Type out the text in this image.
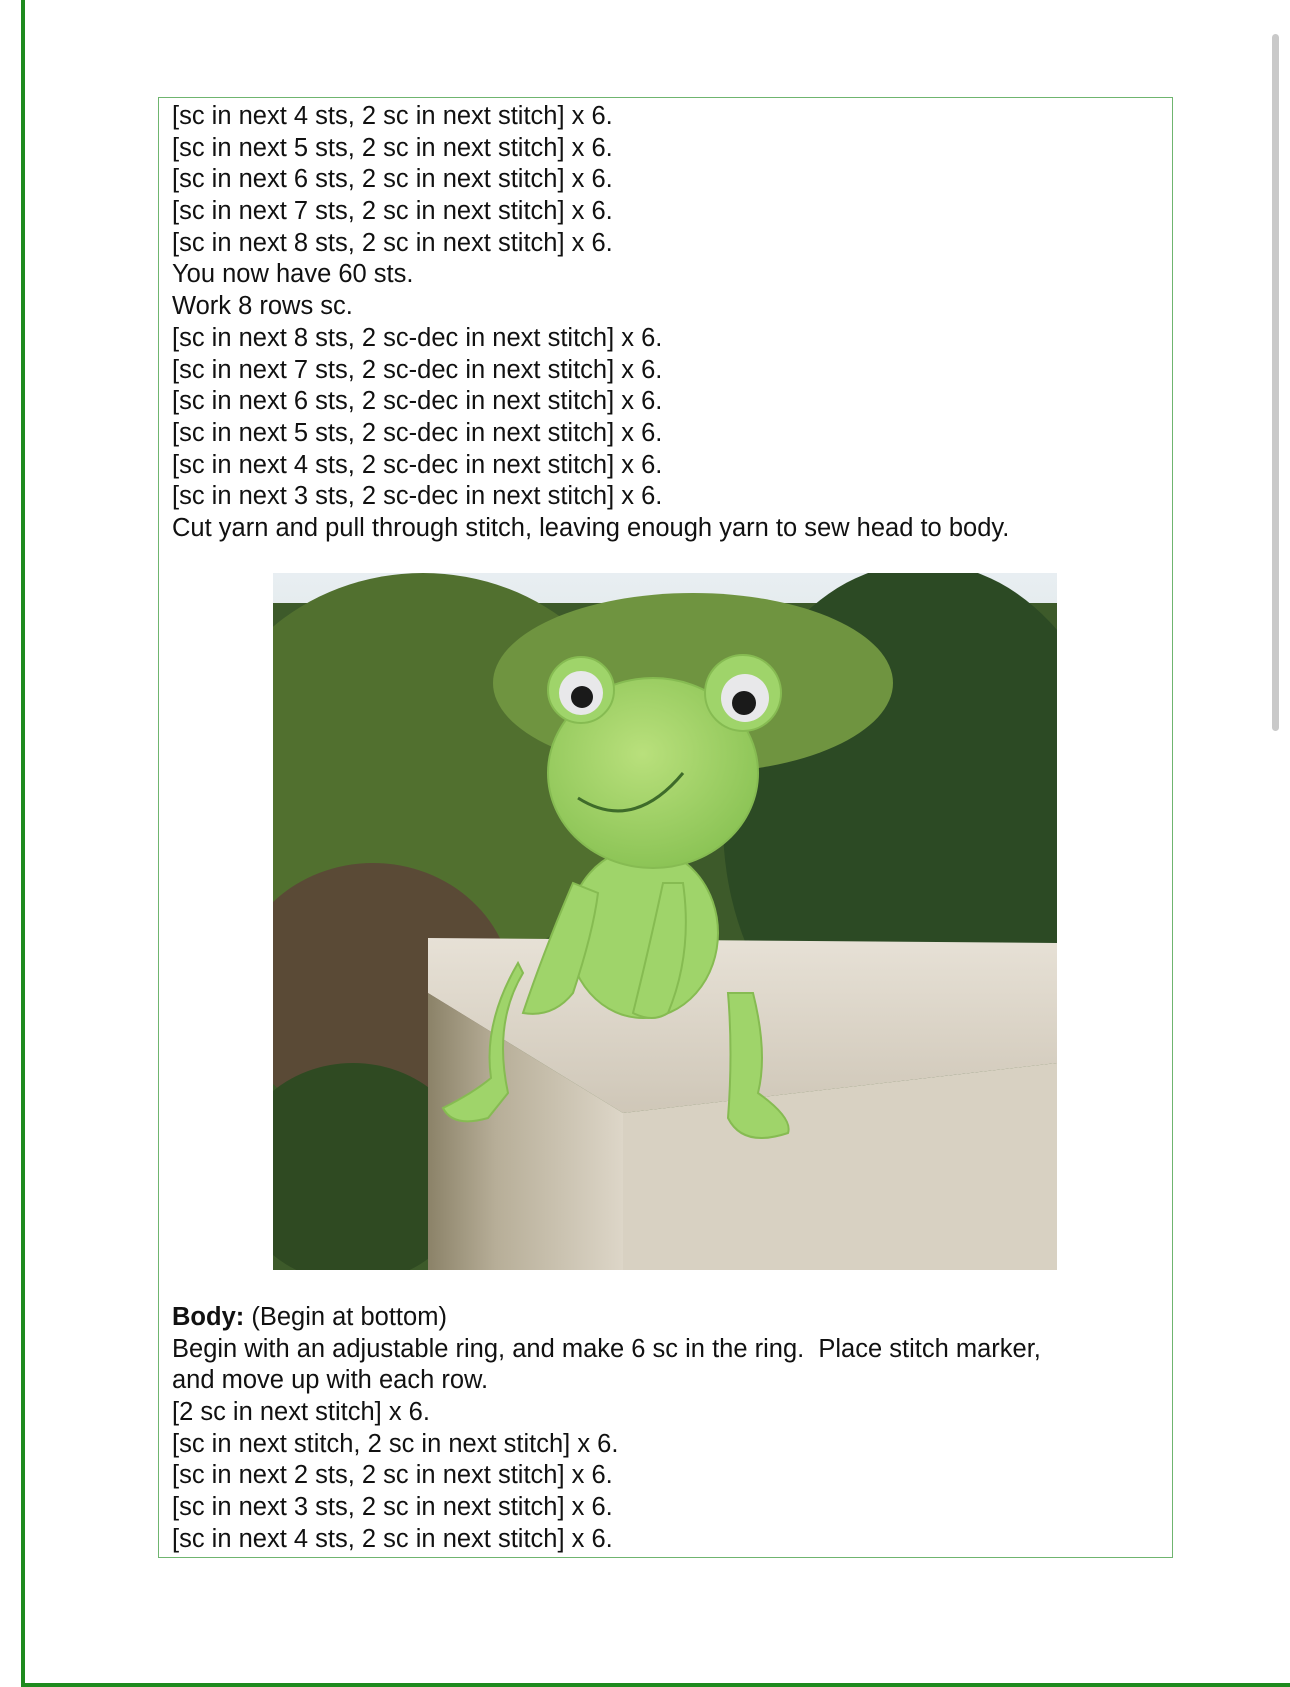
[sc in next 4 sts, 2 sc in next stitch] x 6.
[sc in next 5 sts, 2 sc in next stitch] x 6.
[sc in next 6 sts, 2 sc in next stitch] x 6.
[sc in next 7 sts, 2 sc in next stitch] x 6.
[sc in next 8 sts, 2 sc in next stitch] x 6.
You now have 60 sts.
Work 8 rows sc.
[sc in next 8 sts, 2 sc-dec in next stitch] x 6.
[sc in next 7 sts, 2 sc-dec in next stitch] x 6.
[sc in next 6 sts, 2 sc-dec in next stitch] x 6.
[sc in next 5 sts, 2 sc-dec in next stitch] x 6.
[sc in next 4 sts, 2 sc-dec in next stitch] x 6.
[sc in next 3 sts, 2 sc-dec in next stitch] x 6.
Cut yarn and pull through stitch, leaving enough yarn to sew head to body.
Body: (Begin at bottom)
Begin with an adjustable ring, and make 6 sc in the ring.  Place stitch marker,
and move up with each row.
[2 sc in next stitch] x 6.
[sc in next stitch, 2 sc in next stitch] x 6.
[sc in next 2 sts, 2 sc in next stitch] x 6.
[sc in next 3 sts, 2 sc in next stitch] x 6.
[sc in next 4 sts, 2 sc in next stitch] x 6.
